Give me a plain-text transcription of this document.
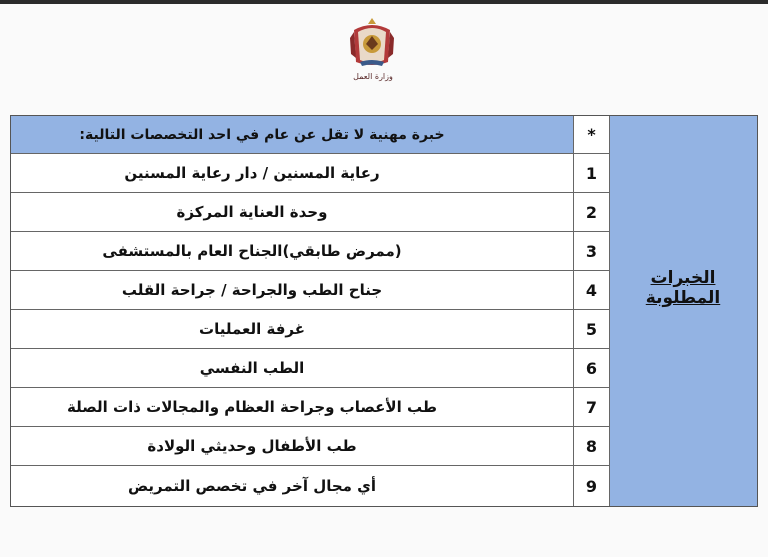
وزارة العمل
الخبرات المطلوبة
*
خبرة مهنية لا تقل عن عام في احد التخصصات التالية:
1
رعاية المسنين / دار رعاية المسنين
2
وحدة العناية المركزة
3
(ممرض طابقي)الجناح العام بالمستشفى
4
جناح الطب والجراحة / جراحة القلب
5
غرفة العمليات
6
الطب النفسي
7
طب الأعصاب وجراحة العظام والمجالات ذات الصلة
8
طب الأطفال وحديثي الولادة
9
أي مجال آخر في تخصص التمريض
